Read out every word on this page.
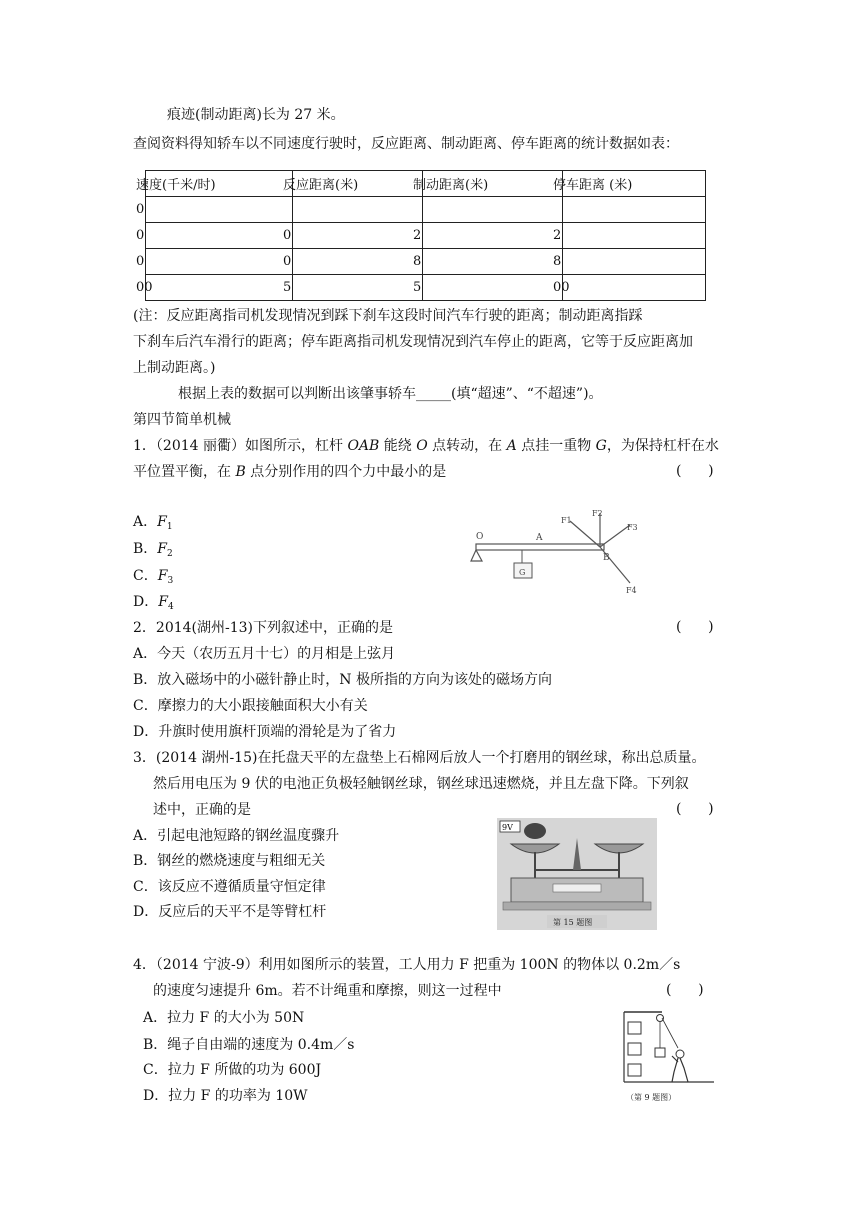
痕迹(制动距离)长为 27 米。
查阅资料得知轿车以不同速度行驶时，反应距离、制动距离、停车距离的统计数据如表：
速度(千米/时)	反应距离(米)	制动距离(米)	停车距离 (米)

0			

0	0	2	2

0	0	8	8

00	5	5	00
(注：反应距离指司机发现情况到踩下刹车这段时间汽车行驶的距离；制动距离指踩
下刹车后汽车滑行的距离；停车距离指司机发现情况到汽车停止的距离，它等于反应距离加
上制动距离。)
根据上表的数据可以判断出该肇事轿车_____(填“超速”、“不超速”)。
第四节简单机械
1．（2014 丽衢）如图所示，杠杆 OAB 能绕 O 点转动，在 A 点挂一重物 G，为保持杠杆在水
平位置平衡，在 B 点分别作用的四个力中最小的是	(      )
A．$F_1$
B．$F_2$
C．$F_3$
D．$F_4$
O	A
B
G
F1
F2
F3
F4
2．2014(湖州-13)下列叙述中，正确的是	(      )
A．今天（农历五月十七）的月相是上弦月
B．放入磁场中的小磁针静止时，N 极所指的方向为该处的磁场方向
C．摩擦力的大小跟接触面积大小有关
D．升旗时使用旗杆顶端的滑轮是为了省力
3．(2014 湖州-15)在托盘天平的左盘垫上石棉网后放人一个打磨用的钢丝球，称出总质量。
然后用电压为 9 伏的电池正负极轻触钢丝球，钢丝球迅速燃烧，并且左盘下降。下列叙
述中，正确的是	(      )
A．引起电池短路的钢丝温度骤升
B．钢丝的燃烧速度与粗细无关
C．该反应不遵循质量守恒定律
D．反应后的天平不是等臂杠杆
9V
第 15 题图
4．（2014 宁波-9）利用如图所示的装置，工人用力 F 把重为 100N 的物体以 0.2m／s
的速度匀速提升 6m。若不计绳重和摩擦，则这一过程中	(      )
A．拉力 F 的大小为 50N
B．绳子自由端的速度为 0.4m／s
C．拉力 F 所做的功为 600J
D．拉力 F 的功率为 10W	（第 9 题图）
